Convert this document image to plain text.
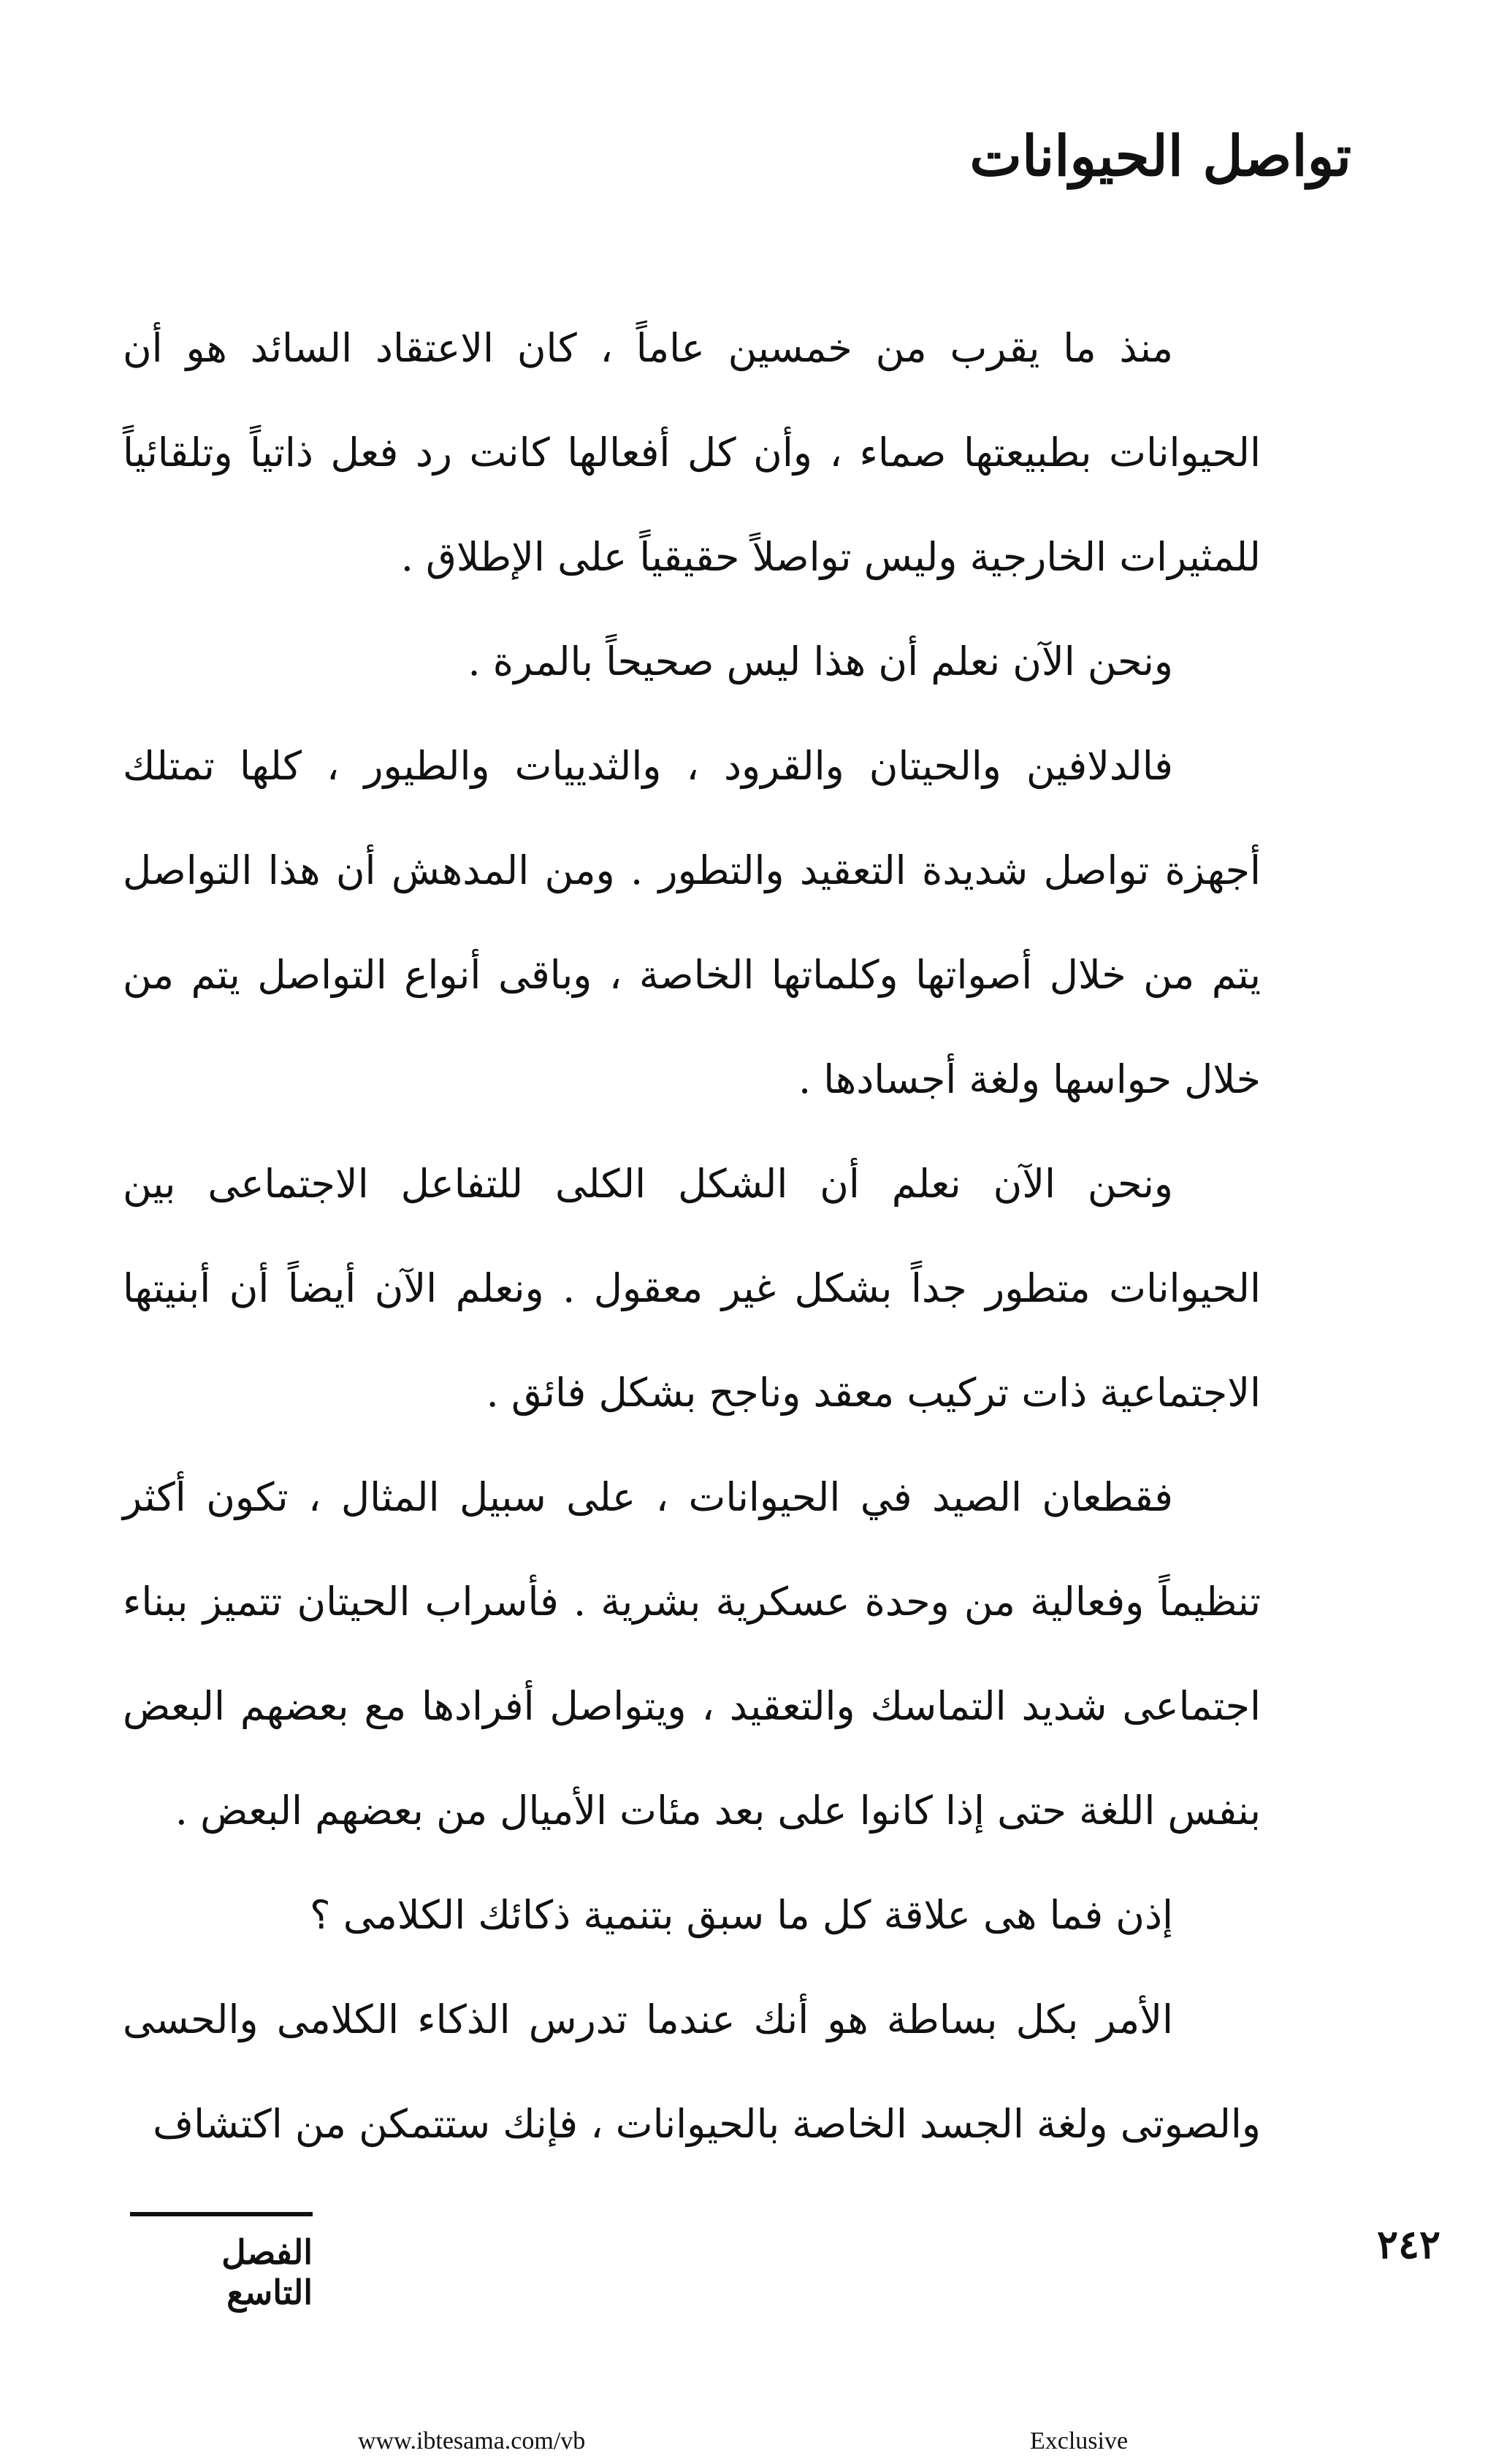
تواصل الحيوانات

منذ ما يقرب من خمسين عاماً ، كان الاعتقاد السائد هو أن الحيوانات بطبيعتها صماء ، وأن كل أفعالها كانت رد فعل ذاتياً وتلقائياً للمثيرات الخارجية وليس تواصلاً حقيقياً على الإطلاق .

ونحن الآن نعلم أن هذا ليس صحيحاً بالمرة .

فالدلافين والحيتان والقرود ، والثدييات والطيور ، كلها تمتلك أجهزة تواصل شديدة التعقيد والتطور . ومن المدهش أن هذا التواصل يتم من خلال أصواتها وكلماتها الخاصة ، وباقى أنواع التواصل يتم من خلال حواسها ولغة أجسادها .

ونحن الآن نعلم أن الشكل الكلى للتفاعل الاجتماعى بين الحيوانات متطور جداً بشكل غير معقول . ونعلم الآن أيضاً أن أبنيتها الاجتماعية ذات تركيب معقد وناجح بشكل فائق .

فقطعان الصيد في الحيوانات ، على سبيل المثال ، تكون أكثر تنظيماً وفعالية من وحدة عسكرية بشرية . فأسراب الحيتان تتميز ببناء اجتماعى شديد التماسك والتعقيد ، ويتواصل أفرادها مع بعضهم البعض بنفس اللغة حتى إذا كانوا على بعد مئات الأميال من بعضهم البعض .

إذن فما هى علاقة كل ما سبق بتنمية ذكائك الكلامى ؟

الأمر بكل بساطة هو أنك عندما تدرس الذكاء الكلامى والحسى والصوتى ولغة الجسد الخاصة بالحيوانات ، فإنك ستتمكن من اكتشاف

الفصل التاسع
٢٤٢
www.ibtesama.com/vb	Exclusive
